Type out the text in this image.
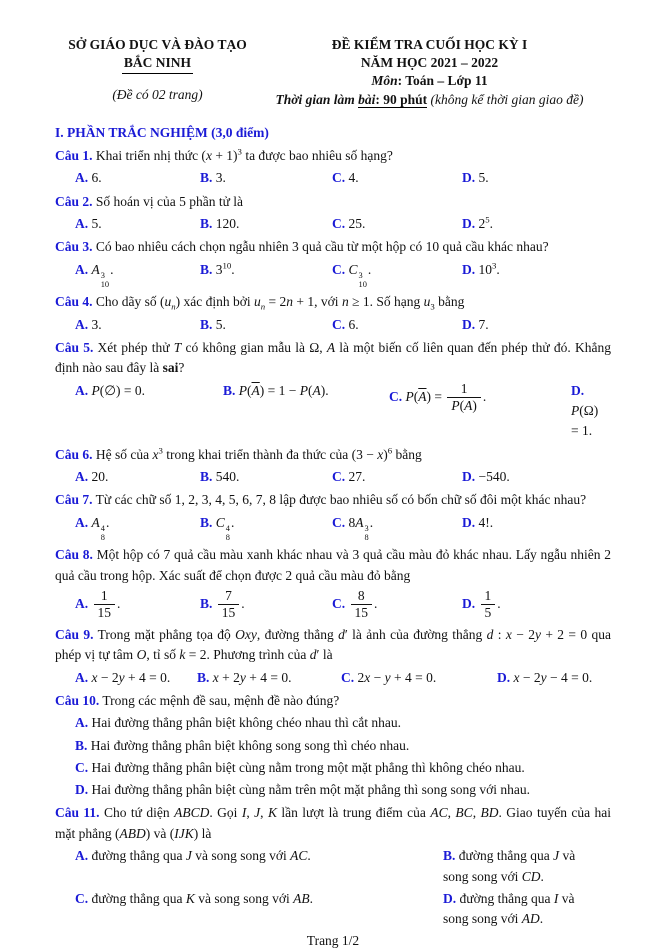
SỞ GIÁO DỤC VÀ ĐÀO TẠO
BẮC NINH
(Đề có 02 trang)
ĐỀ KIỂM TRA CUỐI HỌC KỲ I
NĂM HỌC 2021 – 2022
Môn: Toán – Lớp 11
Thời gian làm bài: 90 phút (không kể thời gian giao đề)
I. PHẦN TRẮC NGHIỆM (3,0 điểm)

Câu 1. Khai triển nhị thức $(x + 1)^3$ ta được bao nhiêu số hạng?

A. 6.	B. 3.	C. 4.	D. 5.

Câu 2. Số hoán vị của 5 phần tử là

A. 5.	B. 120.	C. 25.	D. $2^5$.

Câu 3. Có bao nhiêu cách chọn ngẫu nhiên 3 quả cầu từ một hộp có 10 quả cầu khác nhau?

A. A 3
10
.	B. $3^{10}$.	C. C 3
10
.	D. $10^3$.

Câu 4. Cho dãy số $(u_n)$ xác định bởi $u_n = 2n + 1$, với n ≥ 1. Số hạng $u_3$ bằng

A. 3.	B. 5.	C. 6.	D. 7.

Câu 5. Xét phép thử T có không gian mẫu là Ω, A là một biến cố liên quan đến phép thử đó. Khẳng định nào sau đây là sai?

A. P(∅) = 0.	B. $P(\overline{A}) = 1 - P(A)$.	C. $P(\overline{A}) = \frac{1}{P(A)}$ .	D. P(Ω) = 1.

Câu 6. Hệ số của $x^3$ trong khai triển thành đa thức của $(3 - x)^6$ bằng

A. 20.	B. 540.	C. 27.	D. −540.

Câu 7. Từ các chữ số 1, 2, 3, 4, 5, 6, 7, 8 lập được bao nhiêu số có bốn chữ số đôi một khác nhau?

A. A 4
8
.	B. C 4
8
.	C. 8A 3
8
.	D. 4!.

Câu 8. Một hộp có 7 quả cầu màu xanh khác nhau và 3 quả cầu màu đỏ khác nhau. Lấy ngẫu nhiên 2 quả cầu trong hộp. Xác suất để chọn được 2 quả cầu màu đỏ bằng

A. $\frac{1}{15}$ .	B. $\frac{7}{15}$ .	C. $\frac{8}{15}$ .	D. $\frac{1}{5}$ .

Câu 9. Trong mặt phẳng tọa độ Oxy, đường thẳng d′ là ảnh của đường thẳng d : x − 2y + 2 = 0 qua phép vị tự tâm O, tỉ số k = 2. Phương trình của d′ là

A. x − 2y + 4 = 0.	B. x + 2y + 4 = 0.	C. 2x − y + 4 = 0.	D. x − 2y − 4 = 0.

Câu 10. Trong các mệnh đề sau, mệnh đề nào đúng?

A. Hai đường thẳng phân biệt không chéo nhau thì cắt nhau.
B. Hai đường thẳng phân biệt không song song thì chéo nhau.
C. Hai đường thẳng phân biệt cùng nằm trong một mặt phẳng thì không chéo nhau.
D. Hai đường thẳng phân biệt cùng nằm trên một mặt phẳng thì song song với nhau.

Câu 11. Cho tứ diện ABCD. Gọi I, J, K lần lượt là trung điểm của AC, BC, BD. Giao tuyến của hai mặt phẳng (ABD) và (IJK) là

A. đường thẳng qua J và song song với AC.	B. đường thẳng qua J và song song với CD.
C. đường thẳng qua K và song song với AB.	D. đường thẳng qua I và song song với AD.
Trang 1/2
